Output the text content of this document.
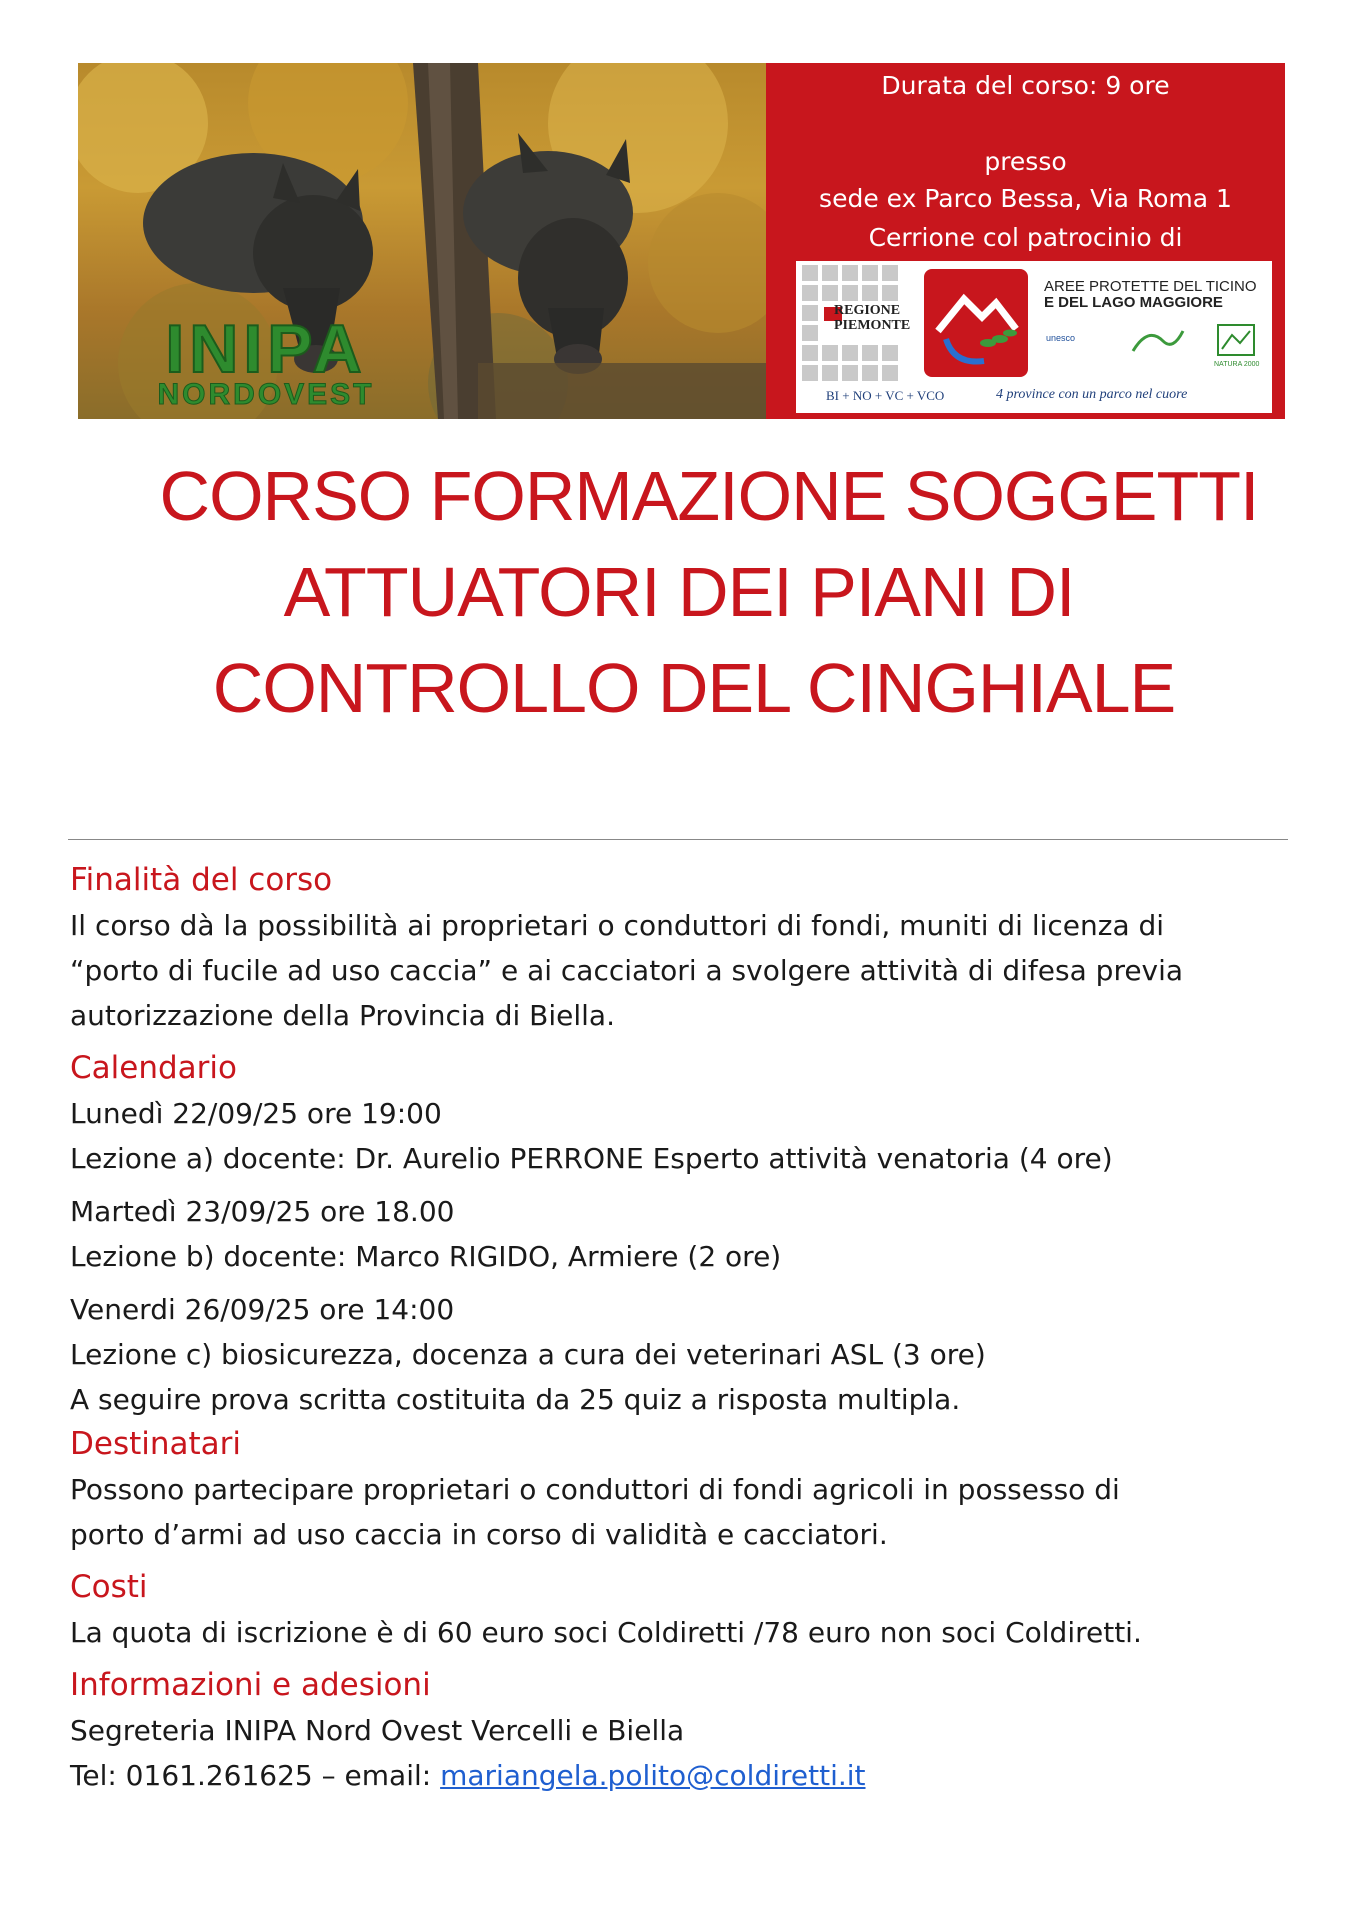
INIPA
NORDOVEST
Durata del corso: 9 ore
presso
sede ex Parco Bessa, Via Roma 1
Cerrione col patrocinio di
REGIONE PIEMONTE
AREE PROTETTE DEL TICINO
E DEL LAGO MAGGIORE
unesco
NATURA 2000
BI + NO + VC + VCO	4 province con un parco nel cuore
CORSO FORMAZIONE SOGGETTI
ATTUATORI DEI PIANI DI
CONTROLLO DEL CINGHIALE
Finalità del corso
Il corso dà la possibilità ai proprietari o conduttori di fondi, muniti di licenza di
“porto di fucile ad uso caccia” e ai cacciatori a svolgere attività di difesa previa
autorizzazione della Provincia di Biella.
Calendario
Lunedì 22/09/25 ore 19:00
Lezione a) docente: Dr. Aurelio PERRONE Esperto attività venatoria (4 ore)
Martedì 23/09/25 ore 18.00
Lezione b) docente: Marco RIGIDO, Armiere (2 ore)
Venerdi 26/09/25 ore 14:00
Lezione c) biosicurezza, docenza a cura dei veterinari ASL (3 ore)
A seguire prova scritta costituita da 25 quiz a risposta multipla.
Destinatari
Possono partecipare proprietari o conduttori di fondi agricoli in possesso di
porto d’armi ad uso caccia in corso di validità e cacciatori.
Costi
La quota di iscrizione è di 60 euro soci Coldiretti /78 euro non soci Coldiretti.
Informazioni e adesioni
Segreteria INIPA Nord Ovest Vercelli e Biella
Tel: 0161.261625 – email: mariangela.polito@coldiretti.it
